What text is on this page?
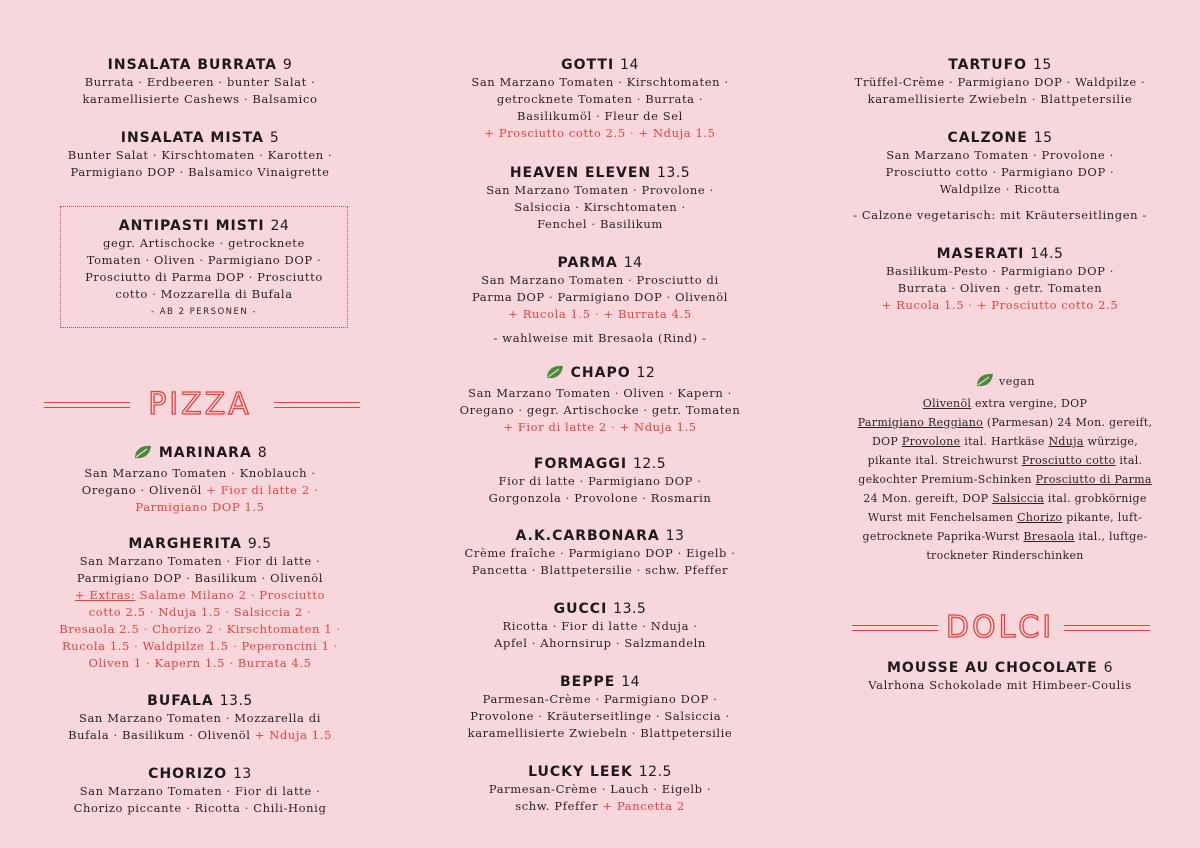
INSALATA BURRATA 9
Burrata · Erdbeeren · bunter Salat ·
karamellisierte Cashews · Balsamico
INSALATA MISTA 5
Bunter Salat · Kirschtomaten · Karotten ·
Parmigiano DOP · Balsamico Vinaigrette
ANTIPASTI MISTI 24
gegr. Artischocke · getrocknete
Tomaten · Oliven · Parmigiano DOP ·
Prosciutto di Parma DOP · Prosciutto
cotto · Mozzarella di Bufala
- AB 2 PERSONEN -
PIZZA
MARINARA 8
San Marzano Tomaten · Knoblauch ·
Oregano · Olivenöl + Fior di latte 2 ·
Parmigiano DOP 1.5
MARGHERITA 9.5
San Marzano Tomaten · Fior di latte ·
Parmigiano DOP · Basilikum · Olivenöl
+ Extras: Salame Milano 2 · Prosciutto
cotto 2.5 · Nduja 1.5 · Salsiccia 2 ·
Bresaola 2.5 · Chorizo 2 · Kirschtomaten 1 ·
Rucola 1.5 · Waldpilze 1.5 · Peperoncini 1 ·
Oliven 1 · Kapern 1.5 · Burrata 4.5
BUFALA 13.5
San Marzano Tomaten · Mozzarella di
Bufala · Basilikum · Olivenöl + Nduja 1.5
CHORIZO 13
San Marzano Tomaten · Fior di latte ·
Chorizo piccante · Ricotta · Chili-Honig
GOTTI 14
San Marzano Tomaten · Kirschtomaten ·
getrocknete Tomaten · Burrata ·
Basilikumöl · Fleur de Sel
+ Prosciutto cotto 2.5 · + Nduja 1.5
HEAVEN ELEVEN 13.5
San Marzano Tomaten · Provolone ·
Salsiccia · Kirschtomaten ·
Fenchel · Basilikum
PARMA 14
San Marzano Tomaten · Prosciutto di
Parma DOP · Parmigiano DOP · Olivenöl
+ Rucola 1.5 · + Burrata 4.5
- wahlweise mit Bresaola (Rind) -
CHAPO 12
San Marzano Tomaten · Oliven · Kapern ·
Oregano · gegr. Artischocke · getr. Tomaten
+ Fior di latte 2 · + Nduja 1.5
FORMAGGI 12.5
Fior di latte · Parmigiano DOP ·
Gorgonzola · Provolone · Rosmarin
A.K.CARBONARA 13
Crème fraîche · Parmigiano DOP · Eigelb ·
Pancetta · Blattpetersilie · schw. Pfeffer
GUCCI 13.5
Ricotta · Fior di latte · Nduja ·
Apfel · Ahornsirup · Salzmandeln
BEPPE 14
Parmesan-Crème · Parmigiano DOP ·
Provolone · Kräuterseitlinge · Salsiccia ·
karamellisierte Zwiebeln · Blattpetersilie
LUCKY LEEK 12.5
Parmesan-Crème · Lauch · Eigelb ·
schw. Pfeffer + Pancetta 2
TARTUFO 15
Trüffel-Crème · Parmigiano DOP · Waldpilze ·
karamellisierte Zwiebeln · Blattpetersilie
CALZONE 15
San Marzano Tomaten · Provolone ·
Prosciutto cotto · Parmigiano DOP ·
Waldpilze · Ricotta
- Calzone vegetarisch: mit Kräuterseitlingen -
MASERATI 14.5
Basilikum-Pesto · Parmigiano DOP ·
Burrata · Oliven · getr. Tomaten
+ Rucola 1.5 · + Prosciutto cotto 2.5
vegan
Olivenöl extra vergine, DOP
Parmigiano Reggiano (Parmesan) 24 Mon. gereift,
DOP Provolone ital. Hartkäse Nduja würzige,
pikante ital. Streichwurst Prosciutto cotto ital.
gekochter Premium-Schinken Prosciutto di Parma
24 Mon. gereift, DOP Salsiccia ital. grobkörnige
Wurst mit Fenchelsamen Chorizo pikante, luft-
getrocknete Paprika-Wurst Bresaola ital., luftge-
trockneter Rinderschinken
DOLCI
MOUSSE AU CHOCOLATE 6
Valrhona Schokolade mit Himbeer-Coulis
